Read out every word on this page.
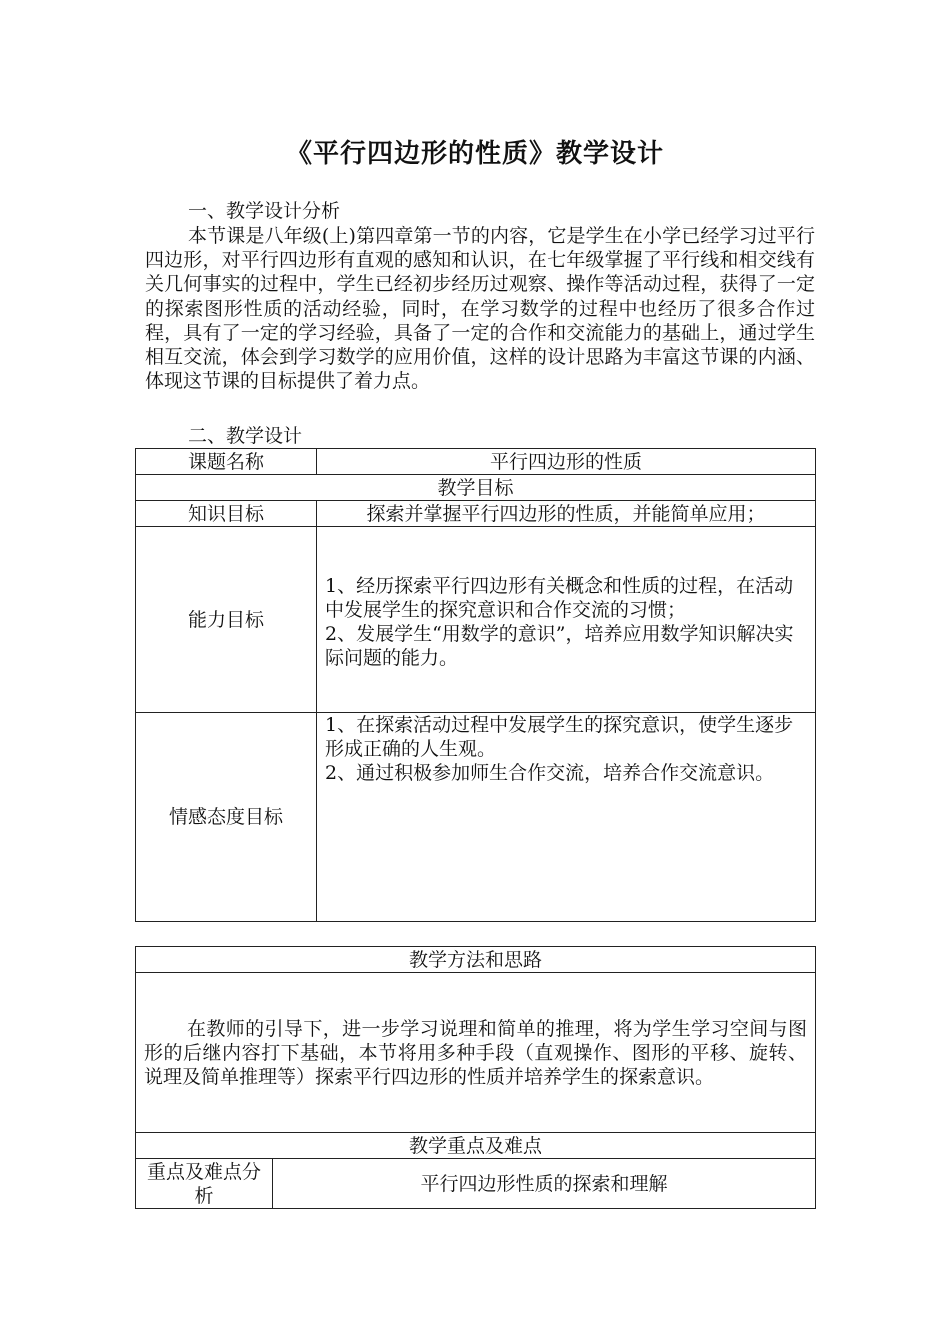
《平行四边形的性质》教学设计
一、教学设计分析
本节课是八年级(上)第四章第一节的内容，它是学生在小学已经学习过平行四边形，对平行四边形有直观的感知和认识，在七年级掌握了平行线和相交线有关几何事实的过程中，学生已经初步经历过观察、操作等活动过程，获得了一定的探索图形性质的活动经验，同时，在学习数学的过程中也经历了很多合作过程，具有了一定的学习经验，具备了一定的合作和交流能力的基础上，通过学生相互交流，体会到学习数学的应用价值，这样的设计思路为丰富这节课的内涵、体现这节课的目标提供了着力点。
二、教学设计
课题名称	平行四边形的性质
教学目标	
知识目标	探索并掌握平行四边形的性质，并能简单应用；
能力目标	1、经历探索平行四边形有关概念和性质的过程，在活动中发展学生的探究意识和合作交流的习惯；
2、发展学生“用数学的意识”，培养应用数学知识解决实际问题的能力。

情感态度目标	1、在探索活动过程中发展学生的探究意识，使学生逐步形成正确的人生观。
2、通过积极参加师生合作交流，培养合作交流意识。
教学方法和思路
在教师的引导下，进一步学习说理和简单的推理，将为学生学习空间与图形的后继内容打下基础，本节将用多种手段（直观操作、图形的平移、旋转、说理及简单推理等）探索平行四边形的性质并培养学生的探索意识。
教学重点及难点
重点及难点分析	平行四边形性质的探索和理解
